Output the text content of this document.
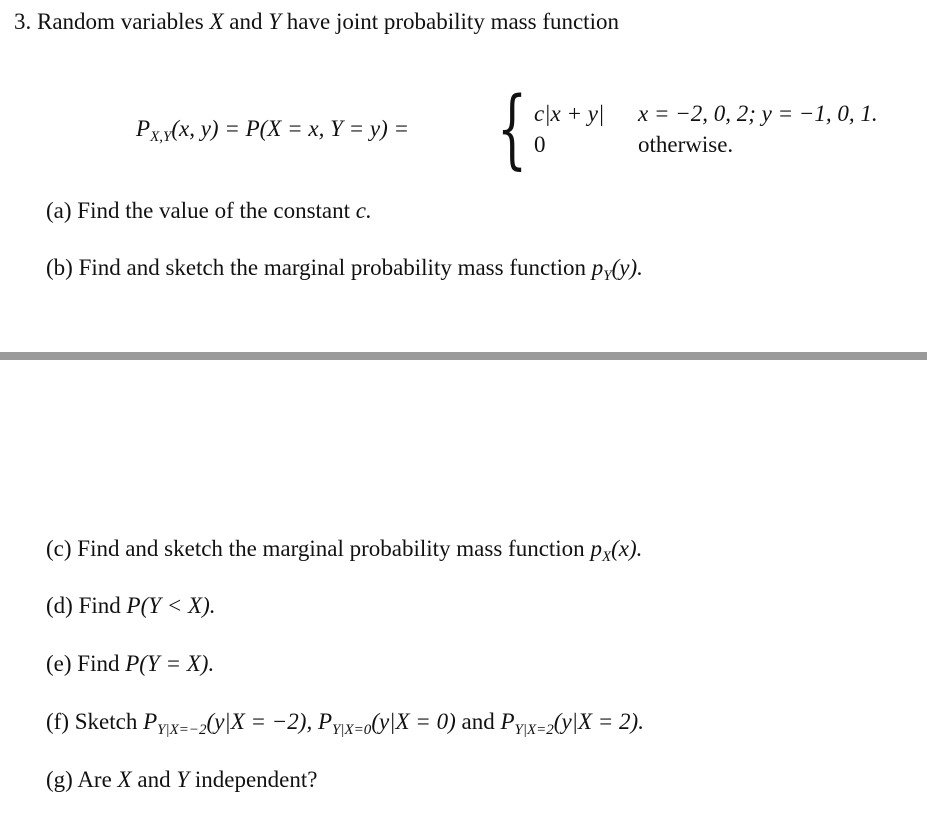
3. Random variables X and Y have joint probability mass function
$P_{X,Y}(x$, y) = P(X = x, Y = y) = { c|x + y| x = −2, 0, 2; y = −1, 0, 1.
0	otherwise.
(a) Find the value of the constant c.
(b) Find and sketch the marginal probability mass function $p_Y(y)$.
(c) Find and sketch the marginal probability mass function $p_X(x)$.
(d) Find P(Y < X).
(e) Find P(Y = X).
(f) Sketch $P_{Y|X=-2}(y|X = -2)$, $P_{Y|X=0}(y|X = 0)$ and $P_{Y|X=2}(y|X = 2)$.
(g) Are X and Y independent?
